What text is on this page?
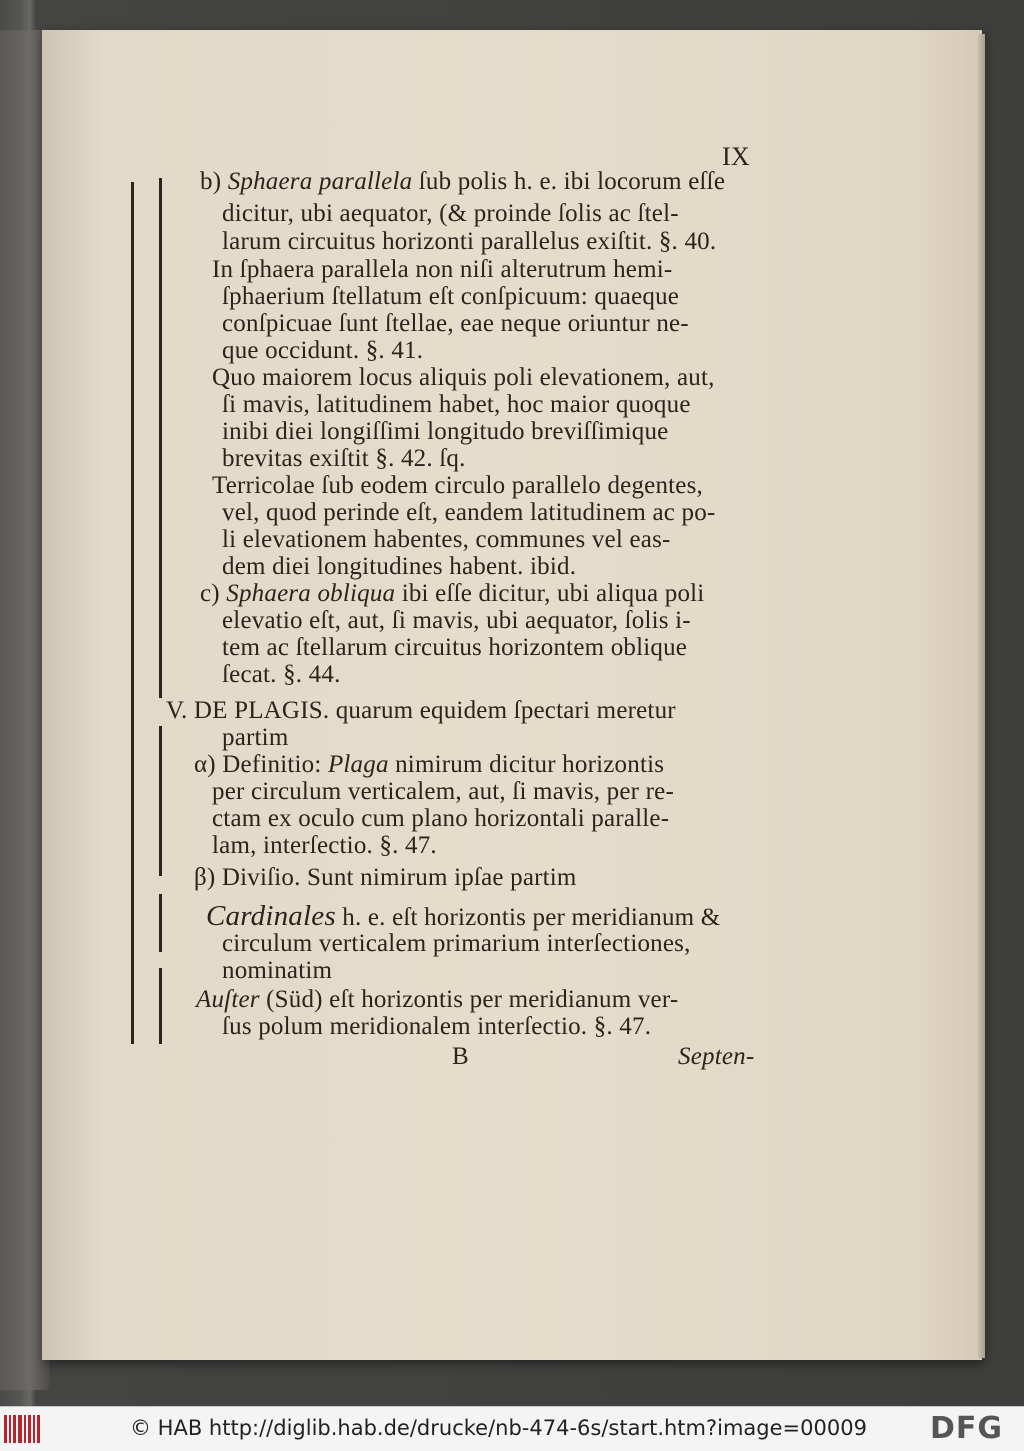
IX
b) Sphaera parallela ſub polis h. e. ibi locorum eſſe
dicitur, ubi aequator, (& proinde ſolis ac ſtel-
larum circuitus horizonti parallelus exiſtit. §. 40.
In ſphaera parallela non niſi alterutrum hemi-
ſphaerium ſtellatum eſt conſpicuum: quaeque
conſpicuae ſunt ſtellae, eae neque oriuntur ne-
que occidunt. §. 41.
Quo maiorem locus aliquis poli elevationem, aut,
ſi mavis, latitudinem habet, hoc maior quoque
inibi diei longiſſimi longitudo breviſſimique
brevitas exiſtit §. 42. ſq.
Terricolae ſub eodem circulo parallelo degentes,
vel, quod perinde eſt, eandem latitudinem ac po-
li elevationem habentes, communes vel eas-
dem diei longitudines habent. ibid.
c) Sphaera obliqua ibi eſſe dicitur, ubi aliqua poli
elevatio eſt, aut, ſi mavis, ubi aequator, ſolis i-
tem ac ſtellarum circuitus horizontem oblique
ſecat. §. 44.
V. DE PLAGIS. quarum equidem ſpectari meretur
partim
α) Definitio: Plaga nimirum dicitur horizontis
per circulum verticalem, aut, ſi mavis, per re-
ctam ex oculo cum plano horizontali paralle-
lam, interſectio. §. 47.
β) Diviſio. Sunt nimirum ipſae partim
Cardinales h. e. eſt horizontis per meridianum &
circulum verticalem primarium interſectiones,
nominatim
Auſter (Süd) eſt horizontis per meridianum ver-
ſus polum meridionalem interſectio. §. 47.
B	Septen-
© HAB http://diglib.hab.de/drucke/nb-474-6s/start.htm?image=00009 DFG
